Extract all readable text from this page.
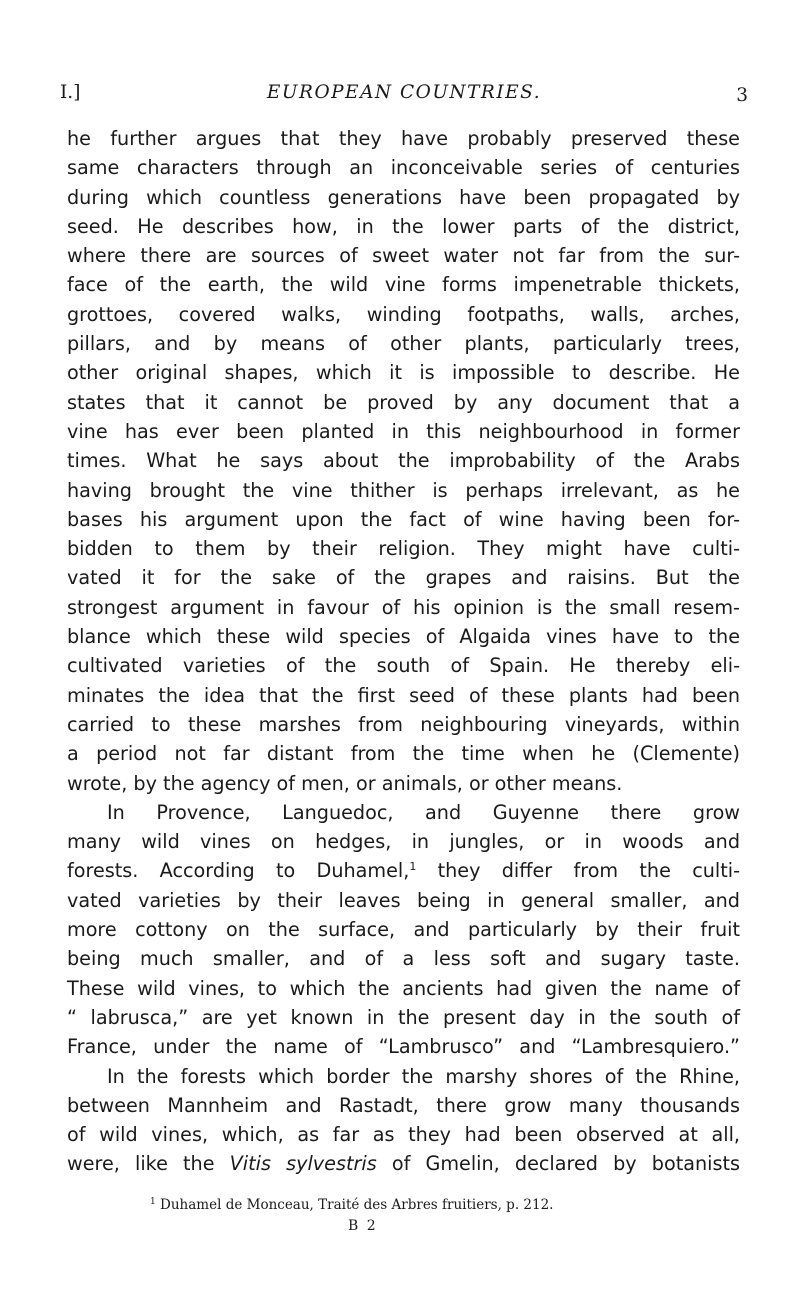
I.]	EUROPEAN COUNTRIES.	3
he further argues that they have probably preserved these
same characters through an inconceivable series of centuries
during which countless generations have been propagated by
seed. He describes how, in the lower parts of the district,
where there are sources of sweet water not far from the sur-
face of the earth, the wild vine forms impenetrable thickets,
grottoes, covered walks, winding footpaths, walls, arches,
pillars, and by means of other plants, particularly trees,
other original shapes, which it is impossible to describe. He
states that it cannot be proved by any document that a
vine has ever been planted in this neighbourhood in former
times. What he says about the improbability of the Arabs
having brought the vine thither is perhaps irrelevant, as he
bases his argument upon the fact of wine having been for-
bidden to them by their religion. They might have culti-
vated it for the sake of the grapes and raisins. But the
strongest argument in favour of his opinion is the small resem-
blance which these wild species of Algaida vines have to the
cultivated varieties of the south of Spain. He thereby eli-
minates the idea that the first seed of these plants had been
carried to these marshes from neighbouring vineyards, within
a period not far distant from the time when he (Clemente)
wrote, by the agency of men, or animals, or other means.
In Provence, Languedoc, and Guyenne there grow
many wild vines on hedges, in jungles, or in woods and
forests. According to Duhamel,$^1$ they differ from the culti-
vated varieties by their leaves being in general smaller, and
more cottony on the surface, and particularly by their fruit
being much smaller, and of a less soft and sugary taste.
These wild vines, to which the ancients had given the name of
“ labrusca,” are yet known in the present day in the south of
France, under the name of “Lambrusco” and “Lambresquiero.”
In the forests which border the marshy shores of the Rhine,
between Mannheim and Rastadt, there grow many thousands
of wild vines, which, as far as they had been observed at all,
were, like the Vitis sylvestris of Gmelin, declared by botanists
$^1$ Duhamel de Monceau, Traité des Arbres fruitiers, p. 212.
B 2
